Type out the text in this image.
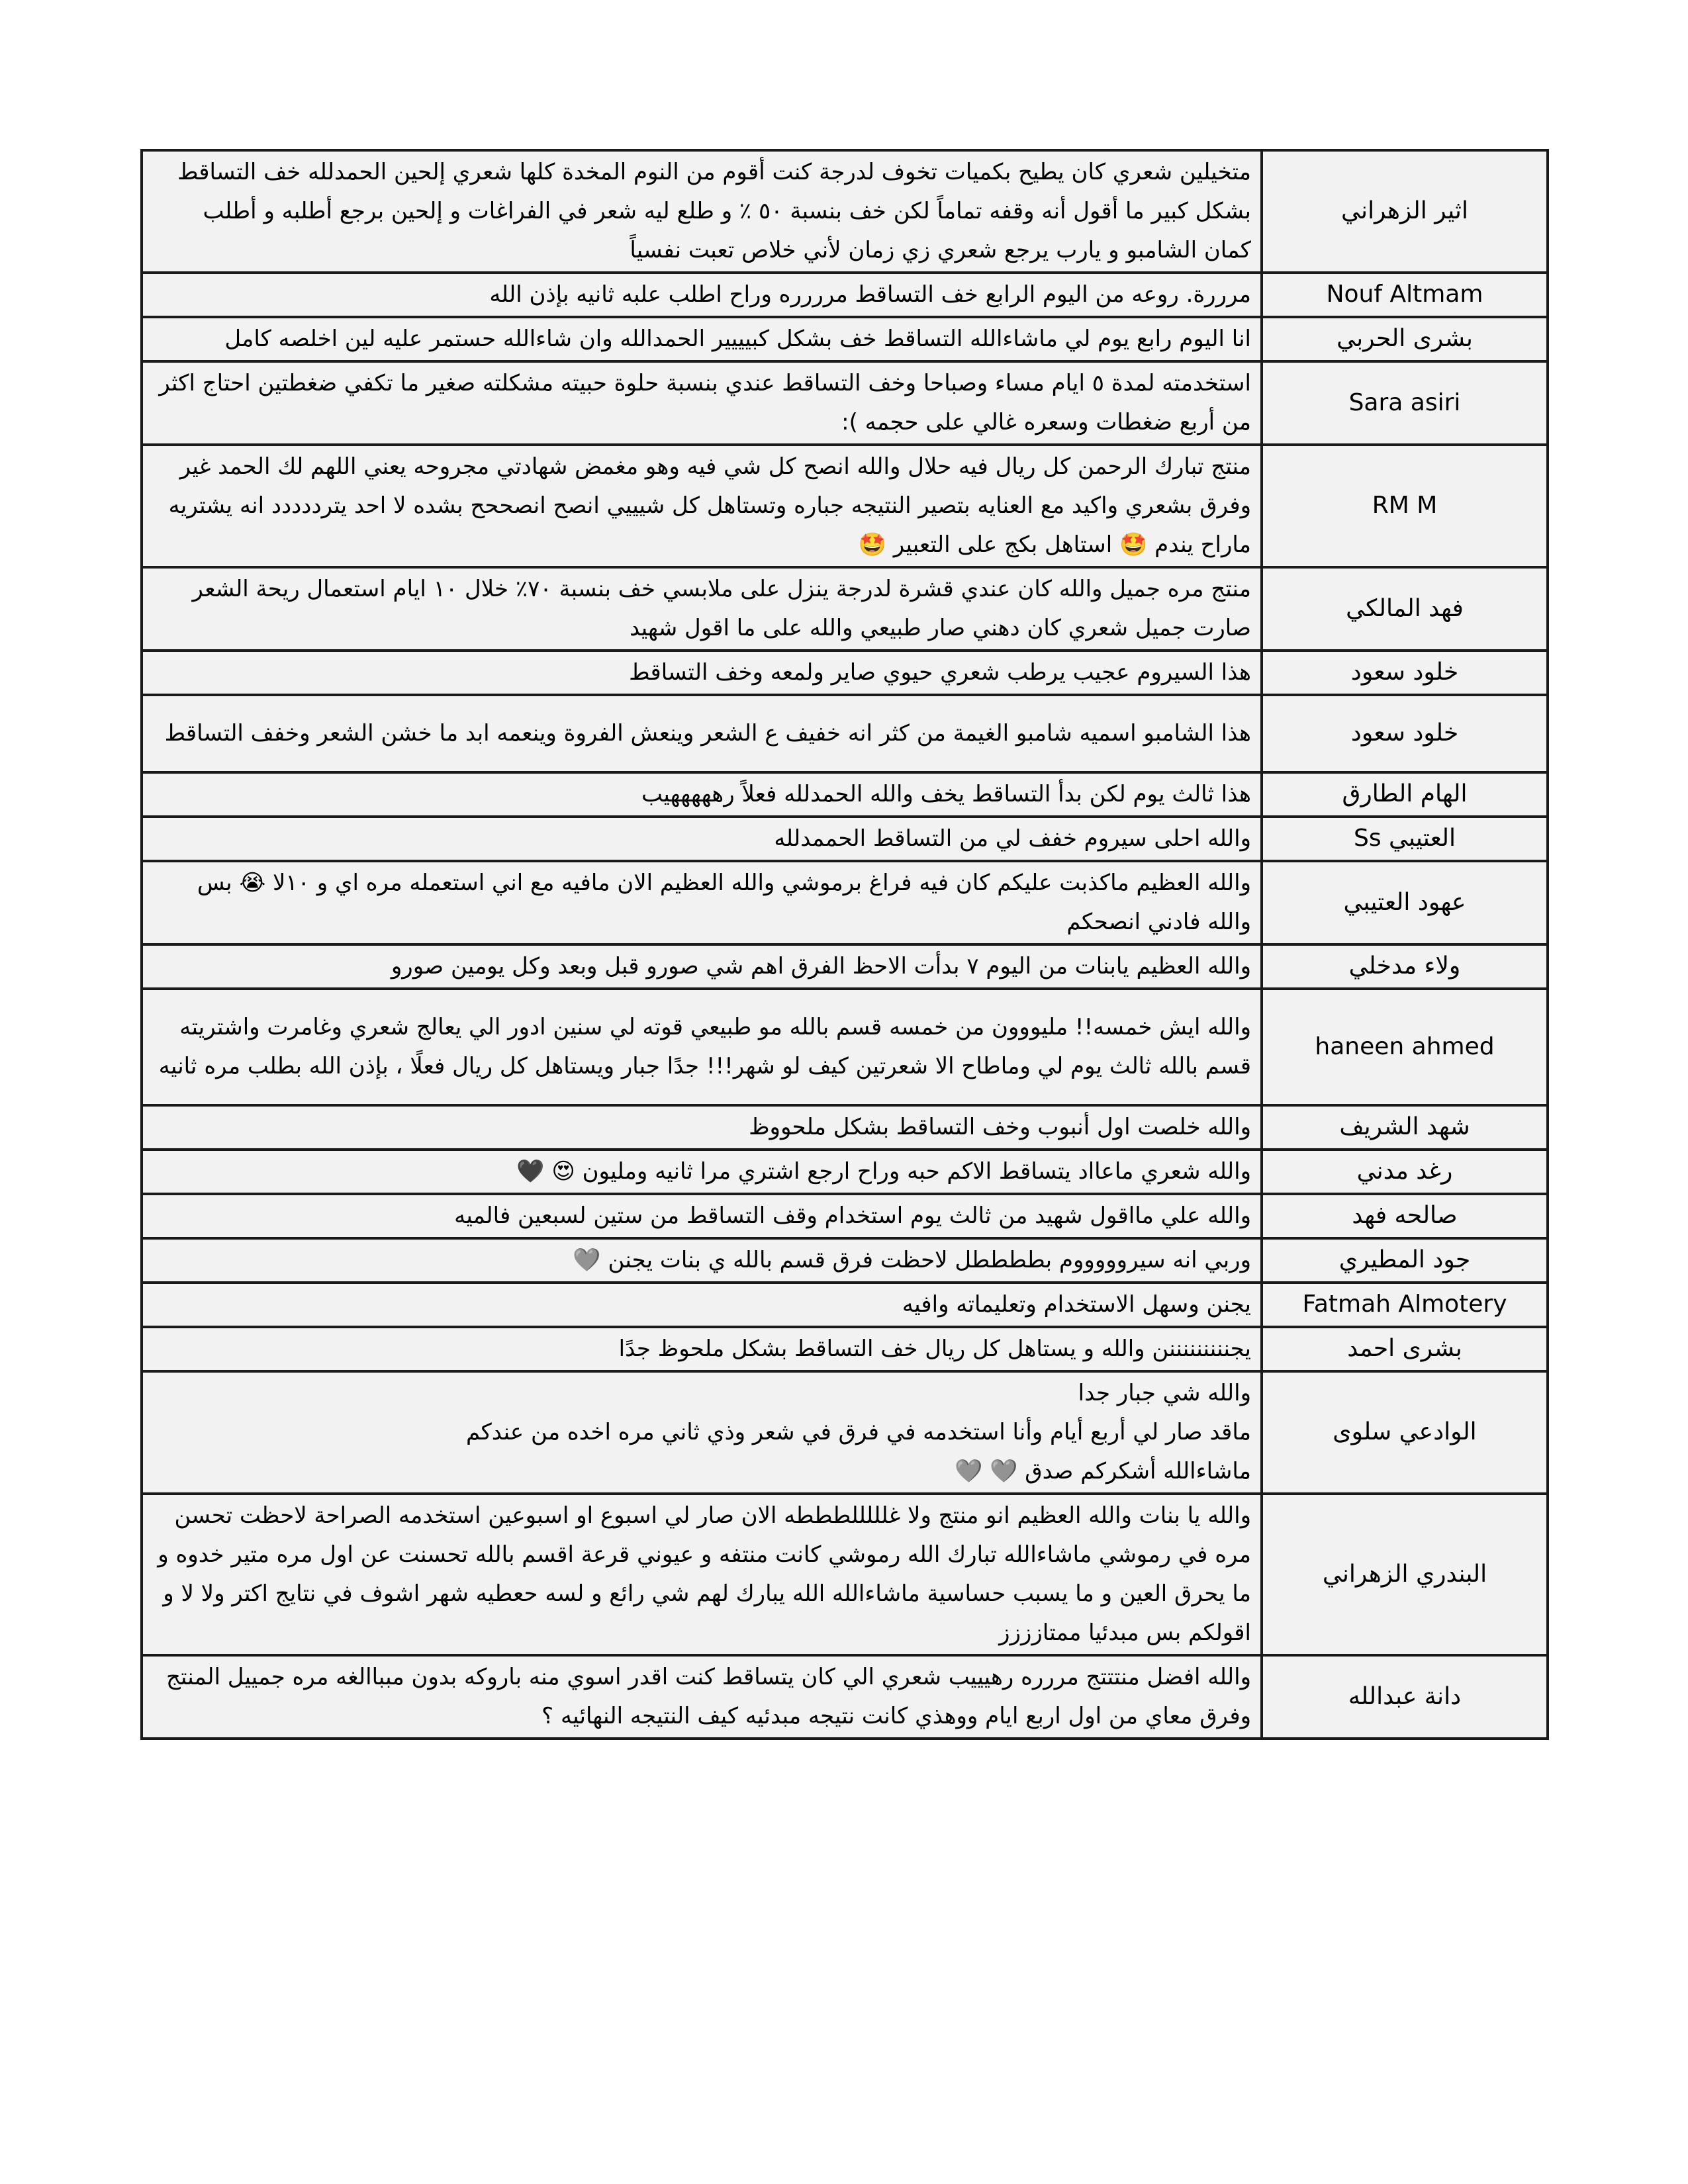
اثير الزهراني	متخيلين شعري كان يطيح بكميات تخوف لدرجة كنت أقوم من النوم المخدة كلها شعري إلحين الحمدلله خف التساقط بشكل كبير ما أقول أنه وقفه تماماً لكن خف بنسبة ٥٠ ٪ و طلع ليه شعر في الفراغات و إلحين برجع أطلبه و أطلب كمان الشامبو و يارب يرجع شعري زي زمان لأني خلاص تعبت نفسياً
Nouf Altmam	مرررة. روعه من اليوم الرابع خف التساقط مرررره وراح اطلب علبه ثانيه بإذن الله
بشرى الحربي	انا اليوم رابع يوم لي ماشاءالله التساقط خف بشكل كبيييير الحمدالله وان شاءالله حستمر عليه لين اخلصه كامل
Sara asiri	استخدمته لمدة ٥ ايام مساء وصباحا وخف التساقط عندي بنسبة حلوة حبيته مشكلته صغير ما تكفي ضغطتين احتاج اكثر من أربع ضغطات وسعره غالي على حجمه ):
RM M	منتج تبارك الرحمن كل ريال فيه حلال والله انصح كل شي فيه وهو مغمض شهادتي مجروحه يعني اللهم لك الحمد غير وفرق بشعري واكيد مع العنايه بتصير النتيجه جباره وتستاهل كل شيييي انصح انصححح بشده لا احد يترددددد انه يشتريه ماراح يندم 🤩 استاهل بكج على التعبير 🤩
فهد المالكي	منتج مره جميل والله كان عندي قشرة لدرجة ينزل على ملابسي خف بنسبة ٧٠٪ خلال ١٠ ايام استعمال ريحة الشعر صارت جميل شعري كان دهني صار طبيعي والله على ما اقول شهيد
خلود سعود	هذا السيروم عجيب يرطب شعري حيوي صاير ولمعه وخف التساقط
خلود سعود	هذا الشامبو اسميه شامبو الغيمة من كثر انه خفيف ع الشعر وينعش الفروة وينعمه ابد ما خشن الشعر وخفف التساقط
الهام الطارق	هذا ثالث يوم لكن بدأ التساقط يخف والله الحمدلله فعلاً رهههههيب
العتيبي Ss	والله احلى سيروم خفف لي من التساقط الحممدلله
عهود العتيبي	والله العظيم ماكذبت عليكم كان فيه فراغ برموشي والله العظيم الان مافيه مع اني استعمله مره اي و ١٠لا 😭 بس والله فادني انصحكم
ولاء مدخلي	والله العظيم يابنات من اليوم ٧ بدأت الاحظ الفرق اهم شي صورو قبل وبعد وكل يومين صورو
haneen ahmed	والله ايش خمسه!! مليووون من خمسه قسم بالله مو طبيعي قوته لي سنين ادور الي يعالج شعري وغامرت واشتريته قسم بالله ثالث يوم لي وماطاح الا شعرتين كيف لو شهر!!! جدًا جبار ويستاهل كل ريال فعلًا ، بإذن الله بطلب مره ثانيه
شهد الشريف	والله خلصت اول أنبوب وخف التساقط بشكل ملحووظ
رغد مدني	والله شعري ماعااد يتساقط الاكم حبه وراح ارجع اشتري مرا ثانيه ومليون 😍 🖤
صالحه فهد	والله علي مااقول شهيد من ثالث يوم استخدام وقف التساقط من ستين لسبعين فالميه
جود المطيري	وربي انه سيروووووم بططططل لاحظت فرق قسم بالله ي بنات يجنن 🩶
Fatmah Almotery	يجنن وسهل الاستخدام وتعليماته وافيه
بشرى احمد	يجنننننننننن والله و يستاهل كل ريال خف التساقط بشكل ملحوظ جدًا
الوادعي سلوى	والله شي جبار جدا
ماقد صار لي أربع أيام وأنا استخدمه في فرق في شعر وذي ثاني مره اخده من عندكم
ماشاءالله أشكركم صدق 🩶 🩶
البندري الزهراني	والله يا بنات والله العظيم انو منتج ولا غلللللطططه الان صار لي اسبوع او اسبوعين استخدمه الصراحة لاحظت تحسن مره في رموشي ماشاءالله تبارك الله رموشي كانت منتفه و عيوني قرعة اقسم بالله تحسنت عن اول مره متير خدوه و ما يحرق العين و ما يسبب حساسية ماشاءالله الله يبارك لهم شي رائع و لسه حعطيه شهر اشوف في نتايج اكتر ولا لا و اقولكم بس مبدئيا ممتازززز
دانة عبدالله	والله افضل منتتتج مررره رهيييب شعري الي كان يتساقط كنت اقدر اسوي منه باروكه بدون مبباالغه مره جمييل المنتج وفرق معاي من اول اربع ايام ووهذي كانت نتيجه مبدئيه كيف النتيجه النهائيه ؟
